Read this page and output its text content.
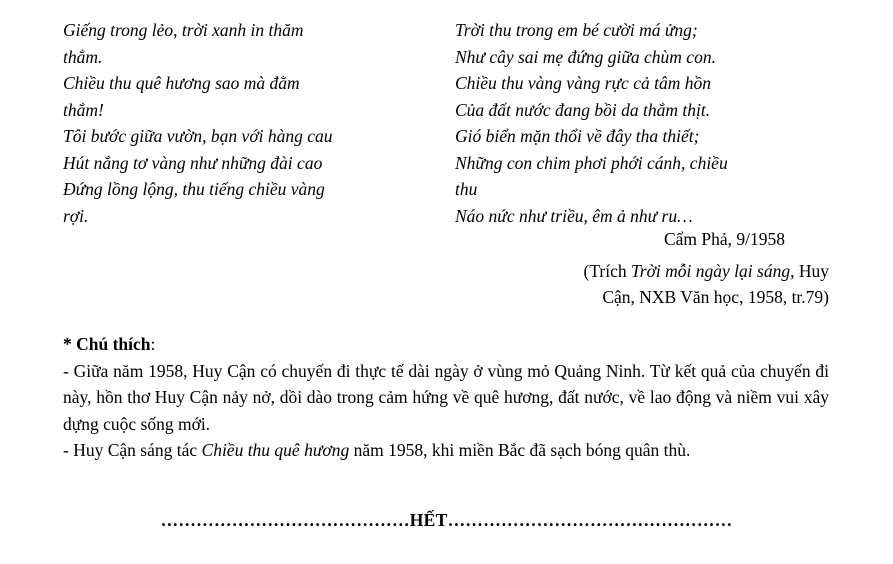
Giếng trong lẻo, trời xanh in thăm
thẳm.
Chiều thu quê hương sao mà đằm
thắm!
Tôi bước giữa vườn, bạn với hàng cau
Hút nắng tơ vàng như những đài cao
Đứng lồng lộng, thu tiếng chiều vàng
rợi.
Trời thu trong em bé cười má ửng;
Như cây sai mẹ đứng giữa chùm con.
Chiều thu vàng vàng rực cả tâm hồn
Của đất nước đang bồi da thắm thịt.
Gió biển mặn thổi về đây tha thiết;
Những con chim phơi phới cánh, chiều
thu
Náo nức như triều, êm ả như ru…
Cẩm Phả, 9/1958
(Trích Trời mỗi ngày lại sáng, Huy
Cận, NXB Văn học, 1958, tr.79)
* Chú thích:
- Giữa năm 1958, Huy Cận có chuyến đi thực tế dài ngày ở vùng mỏ Quảng Ninh. Từ kết quả của chuyến đi này, hồn thơ Huy Cận nảy nở, dồi dào trong cảm hứng về quê hương, đất nước, về lao động và niềm vui xây dựng cuộc sống mới.
- Huy Cận sáng tác Chiều thu quê hương năm 1958, khi miền Bắc đã sạch bóng quân thù.
……………………………………HẾT…………………………………………
